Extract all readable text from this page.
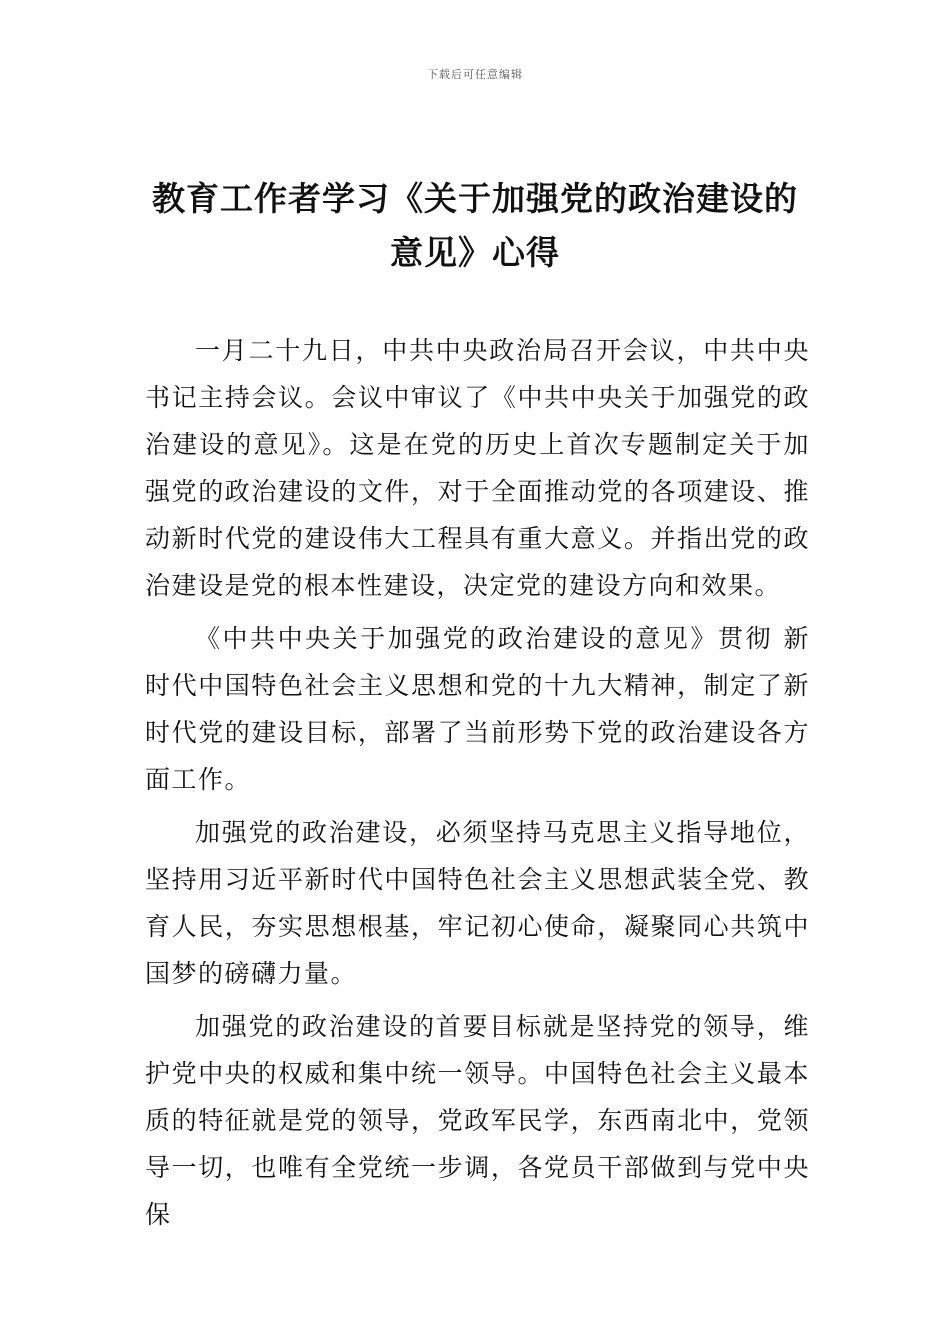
下载后可任意编辑
教育工作者学习《关于加强党的政治建设的意见》心得

一月二十九日，中共中央政治局召开会议，中共中央书记主持会议。会议中审议了《中共中央关于加强党的政治建设的意见》。这是在党的历史上首次专题制定关于加强党的政治建设的文件，对于全面推动党的各项建设、推动新时代党的建设伟大工程具有重大意义。并指出党的政治建设是党的根本性建设，决定党的建设方向和效果。

《中共中央关于加强党的政治建设的意见》贯彻 新时代中国特色社会主义思想和党的十九大精神，制定了新时代党的建设目标，部署了当前形势下党的政治建设各方面工作。

加强党的政治建设，必须坚持马克思主义指导地位，坚持用习近平新时代中国特色社会主义思想武装全党、教育人民，夯实思想根基，牢记初心使命，凝聚同心共筑中国梦的磅礴力量。

加强党的政治建设的首要目标就是坚持党的领导，维护党中央的权威和集中统一领导。中国特色社会主义最本质的特征就是党的领导，党政军民学，东西南北中，党领导一切，也唯有全党统一步调，各党员干部做到与党中央保
